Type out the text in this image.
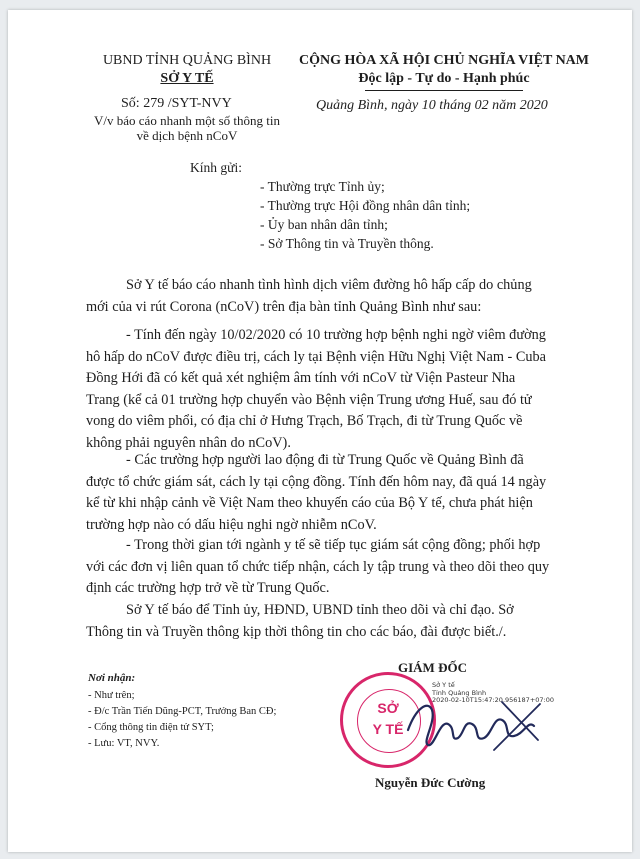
UBND TỈNH QUẢNG BÌNH
SỞ Y TẾ
Số: 279 /SYT-NVY
V/v báo cáo nhanh một số thông tin
về dịch bệnh nCoV
CỘNG HÒA XÃ HỘI CHỦ NGHĨA VIỆT NAM
Độc lập - Tự do - Hạnh phúc
Quảng Bình, ngày 10 tháng 02 năm 2020
Kính gửi:
- Thường trực Tỉnh ủy;
- Thường trực Hội đồng nhân dân tỉnh;
- Ủy ban nhân dân tỉnh;
- Sở Thông tin và Truyền thông.
Sở Y tế báo cáo nhanh tình hình dịch viêm đường hô hấp cấp do chủng
mới của vi rút Corona (nCoV) trên địa bàn tỉnh Quảng Bình như sau:
- Tính đến ngày 10/02/2020 có 10 trường hợp bệnh nghi ngờ viêm đường
hô hấp do nCoV được điều trị, cách ly tại Bệnh viện Hữu Nghị Việt Nam - Cuba
Đồng Hới đã có kết quả xét nghiệm âm tính với nCoV từ Viện Pasteur Nha
Trang (kể cả 01 trường hợp chuyển vào Bệnh viện Trung ương Huế, sau đó tử
vong do viêm phổi, có địa chỉ ở Hưng Trạch, Bố Trạch, đi từ Trung Quốc về
không phải nguyên nhân do nCoV).
- Các trường hợp người lao động đi từ Trung Quốc về Quảng Bình đã
được tổ chức giám sát, cách ly tại cộng đồng. Tính đến hôm nay, đã quá 14 ngày
kể từ khi nhập cảnh về Việt Nam theo khuyến cáo của Bộ Y tế, chưa phát hiện
trường hợp nào có dấu hiệu nghi ngờ nhiễm nCoV.
- Trong thời gian tới ngành y tế sẽ tiếp tục giám sát cộng đồng; phối hợp
với các đơn vị liên quan tổ chức tiếp nhận, cách ly tập trung và theo dõi theo quy
định các trường hợp trở về từ Trung Quốc.
Sở Y tế báo để Tỉnh ủy, HĐND, UBND tỉnh theo dõi và chỉ đạo. Sở
Thông tin và Truyền thông kịp thời thông tin cho các báo, đài được biết./.
Nơi nhận:
- Như trên;
- Đ/c Trần Tiến Dũng-PCT, Trưởng Ban CĐ;
- Cổng thông tin điện tử SYT;
- Lưu: VT, NVY.
GIÁM ĐỐC
Sở Y tế
Tỉnh Quảng Bình
2020-02-10T15:47:20.956187+07:00
SỞ
Y TẾ
Nguyễn Đức Cường
